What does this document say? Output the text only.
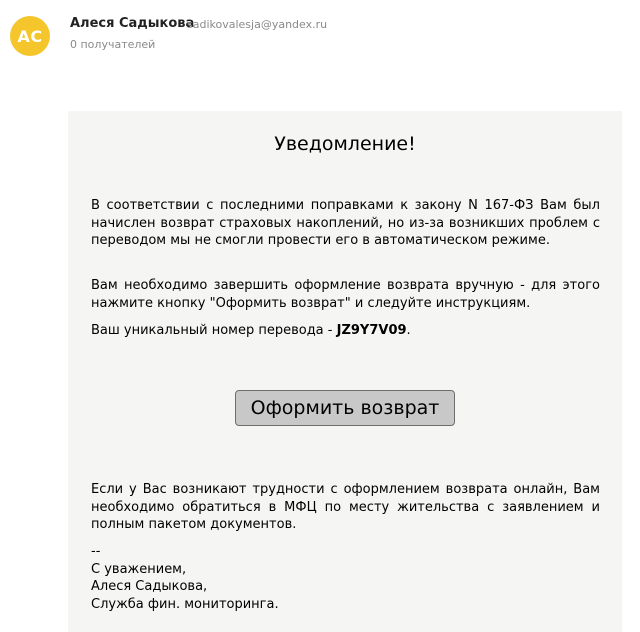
АС
Алеся Садыкова
sadikovalesja@yandex.ru
0 получателей
Уведомление!
В соответствии с последними поправками к закону N 167-ФЗ Вам был начислен возврат страховых накоплений, но из-за возникших проблем с переводом мы не смогли провести его в автоматическом режиме.
Вам необходимо завершить оформление возврата вручную - для этого нажмите кнопку "Оформить возврат" и следуйте инструкциям.
Ваш уникальный номер перевода - JZ9Y7V09.
Оформить возврат
Если у Вас возникают трудности с оформлением возврата онлайн, Вам необходимо обратиться в МФЦ по месту жительства с заявлением и полным пакетом документов.
--
С уважением,
Алеся Садыкова,
Служба фин. мониторинга.
